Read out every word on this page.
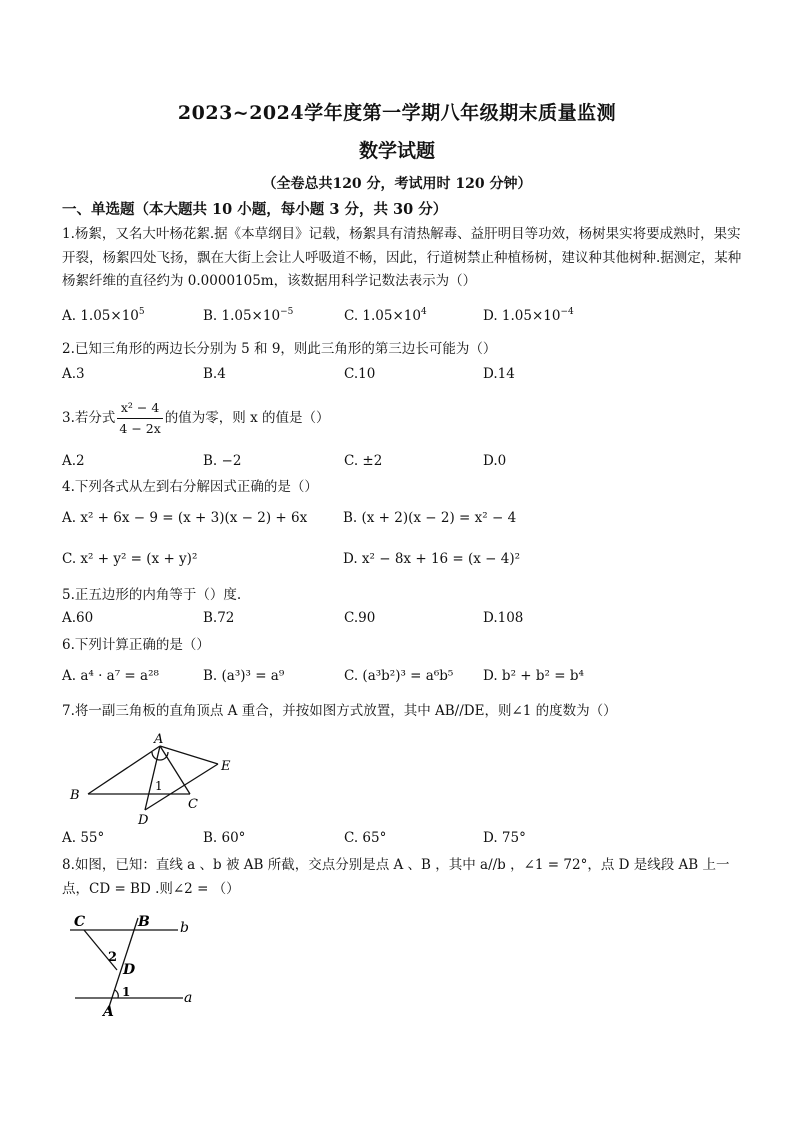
2023~2024学年度第一学期八年级期末质量监测
数学试题
（全卷总共120 分，考试用时 120 分钟）
一、单选题（本大题共 10 小题，每小题 3 分，共 30 分）
1.杨絮，又名大叶杨花絮.据《本草纲目》记载，杨絮具有清热解毒、益肝明目等功效，杨树果实将要成熟时，果实开裂，杨絮四处飞扬，飘在大街上会让人呼吸道不畅，因此，行道树禁止种植杨树，建议种其他树种.据测定，某种杨絮纤维的直径约为 0.0000105m，该数据用科学记数法表示为（）
A. $1.05\times 10^5$	B. $1.05\times 10^{-5}$	C. $1.05\times 10^4$	D. $1.05\times 10^{-4}$
2.已知三角形的两边长分别为 5 和 9，则此三角形的第三边长可能为（）
A.3	B.4	C.10	D.14
3.若分式 $\frac{\text{x² − 4}}{4 - 2x}$ 的值为零，则 x 的值是（）
A.2	B. −2	C. ±2	D.0
4.下列各式从左到右分解因式正确的是（）
A. x² + 6x − 9 = (x + 3)(x − 2) + 6x	B. (x + 2)(x − 2) = x² − 4
C. x² + y² = (x + y)²	D. x² − 8x + 16 = (x − 4)²
5.正五边形的内角等于（）度.
A.60	B.72	C.90	D.108
6.下列计算正确的是（）
A. a⁴ · a⁷ = a²⁸	B. (a³)³ = a⁹	C. (a³b²)³ = a⁶b⁵ D. b² + b² = b⁴
7.将一副三角板的直角顶点 A 重合，并按如图方式放置，其中 AB//DE，则∠1 的度数为（）
A
B
C
D
E
1
A. 55°	B. 60°	C. 65°	D. 75°
8.如图，已知：直线 a 、b 被 AB 所截，交点分别是点 A 、B ，其中 a//b ，∠1 = 72°，点 D 是线段 AB 上一点，CD = BD .则∠2 = （）
C	B b
a
2
D
1
A
